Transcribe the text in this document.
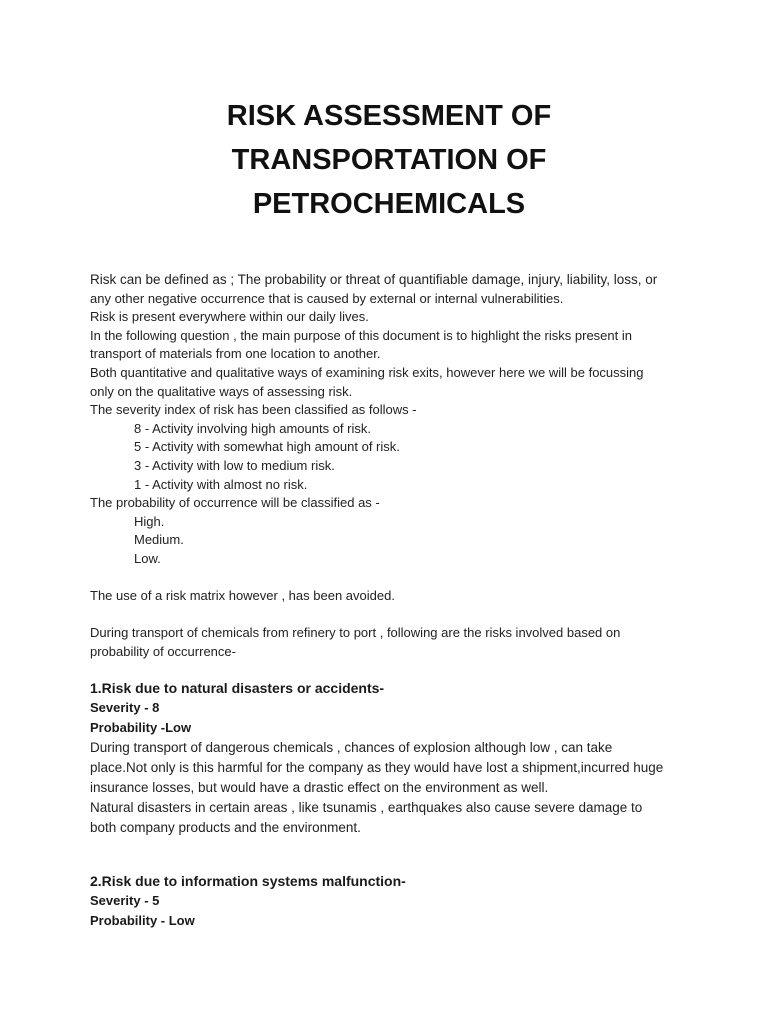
RISK ASSESSMENT OF
TRANSPORTATION OF
PETROCHEMICALS
Risk can be defined as ; The probability or threat of quantifiable damage, injury, liability, loss, or
any other negative occurrence that is caused by external or internal vulnerabilities.
Risk is present everywhere within our daily lives.
In the following question , the main purpose of this document is to highlight the risks present in
transport of materials from one location to another.
Both quantitative and qualitative ways of examining risk exits, however here we will be focussing
only on the qualitative ways of assessing risk.
The severity index of risk has been classified as follows -
8 - Activity involving high amounts of risk.
5 - Activity with somewhat high amount of risk.
3 - Activity with low to medium risk.
1 - Activity with almost no risk.
The probability of occurrence will be classified as -
High.
Medium.
Low.
The use of a risk matrix however , has been avoided.
During transport of chemicals from refinery to port , following are the risks involved based on
probability of occurrence-
1.Risk due to natural disasters or accidents-
Severity - 8
Probability -Low
During transport of dangerous chemicals , chances of explosion although low , can take
place.Not only is this harmful for the company as they would have lost a shipment,incurred huge
insurance losses, but would have a drastic effect on the environment as well.
Natural disasters in certain areas , like tsunamis , earthquakes also cause severe damage to
both company products and the environment.
2.Risk due to information systems malfunction-
Severity - 5
Probability - Low
